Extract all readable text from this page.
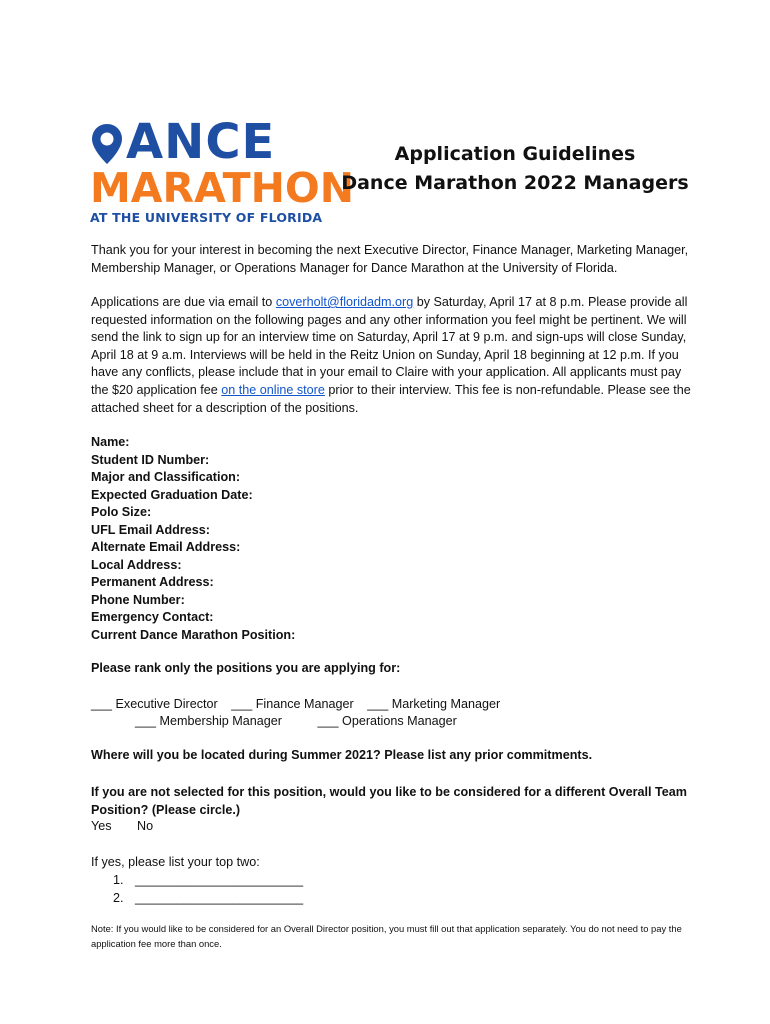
ANCE
MARATHON
AT THE UNIVERSITY OF FLORIDA
Application Guidelines
Dance Marathon 2022 Managers
Thank you for your interest in becoming the next Executive Director, Finance Manager, Marketing Manager, Membership Manager, or Operations Manager for Dance Marathon at the University of Florida.
Applications are due via email to coverholt@floridadm.org by Saturday, April 17 at 8 p.m. Please provide all requested information on the following pages and any other information you feel might be pertinent. We will send the link to sign up for an interview time on Saturday, April 17 at 9 p.m. and sign-ups will close Sunday, April 18 at 9 a.m. Interviews will be held in the Reitz Union on Sunday, April 18 beginning at 12 p.m. If you have any conflicts, please include that in your email to Claire with your application. All applicants must pay the $20 application fee on the online store prior to their interview. This fee is non-refundable. Please see the attached sheet for a description of the positions.
Name:
Student ID Number:
Major and Classification:
Expected Graduation Date:
Polo Size:
UFL Email Address:
Alternate Email Address:
Local Address:
Permanent Address:
Phone Number:
Emergency Contact:
Current Dance Marathon Position:
Please rank only the positions you are applying for:
___ Executive Director ___ Finance Manager ___ Marketing Manager
___ Membership Manager	___ Operations Manager
Where will you be located during Summer 2021? Please list any prior commitments.
If you are not selected for this position, would you like to be considered for a different Overall Team Position? (Please circle.)
Yes No
If yes, please list your top two:
1. ________________________
2. ________________________
Note: If you would like to be considered for an Overall Director position, you must fill out that application separately. You do not need to pay the application fee more than once.
